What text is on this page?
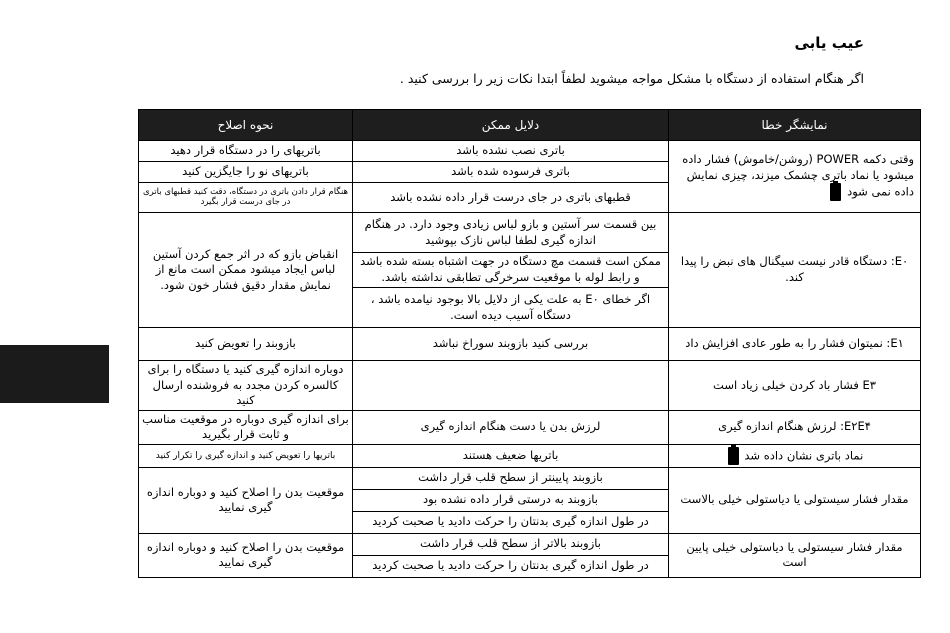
عیب یابی
اگر هنگام استفاده از دستگاه با مشکل مواجه میشوید لطفاً ابتدا نکات زیر را بررسی کنید .
نمایشگر خطا	دلایل ممکن	نحوه اصلاح
وقتی دکمه POWER (روشن/خاموش) فشار داده میشود یا نماد باتری چشمک میزند، چیزی نمایش داده نمی شود	باتری نصب نشده باشد	باتریهای را در دستگاه قرار دهید
	باتری فرسوده شده باشد	باتریهای نو را جایگزین کنید
	قطبهای باتری در جای درست قرار داده نشده باشد	هنگام قرار دادن باتری در دستگاه، دقت کنید قطبهای باتری در جای درست قرار بگیرد
E۰: دستگاه قادر نیست سیگنال های نبض را پیدا کند.	بین قسمت سر آستین و بازو لباس زیادی وجود دارد. در هنگام اندازه گیری لطفا لباس نازک بپوشید	انقباض بازو که در اثر جمع کردن آستین لباس ایجاد میشود ممکن است مانع از نمایش مقدار دقیق فشار خون شود.
	ممکن است قسمت مچ دستگاه در جهت اشتباه بسته شده باشد و رابط لوله با موقعیت سرخرگی تطابقی نداشته باشد.	
	اگر خطای E۰ به علت یکی از دلایل بالا بوجود نیامده باشد ، دستگاه آسیب دیده است.	
E۱: نمیتوان فشار را به طور عادی افزایش داد	بررسی کنید بازوبند سوراخ نباشد	بازوبند را تعویض کنید
E۳ فشار باد کردن خیلی زیاد است		دوباره اندازه گیری کنید یا دستگاه را برای کالسره کردن مجدد به فروشنده ارسال کنید
E۲E۴: لرزش هنگام اندازه گیری	لرزش بدن یا دست هنگام اندازه گیری	برای اندازه گیری دوباره در موقعیت مناسب و ثابت قرار بگیرید
نماد باتری نشان داده شد	باتریها ضعیف هستند	باتریها را تعویض کنید و اندازه گیری را تکرار کنید
مقدار فشار سیستولی یا دیاستولی خیلی بالاست	بازوبند پایینتر از سطح قلب قرار داشت	موقعیت بدن را اصلاح کنید و دوباره اندازه گیری نمایید
	بازوبند به درستی قرار داده نشده بود	
	در طول اندازه گیری بدنتان را حرکت دادید یا صحبت کردید	
مقدار فشار سیستولی یا دیاستولی خیلی پایین است	بازوبند بالاتر از سطح قلب قرار داشت	موقعیت بدن را اصلاح کنید و دوباره اندازه گیری نمایید
	در طول اندازه گیری بدنتان را حرکت دادید یا صحبت کردید	
